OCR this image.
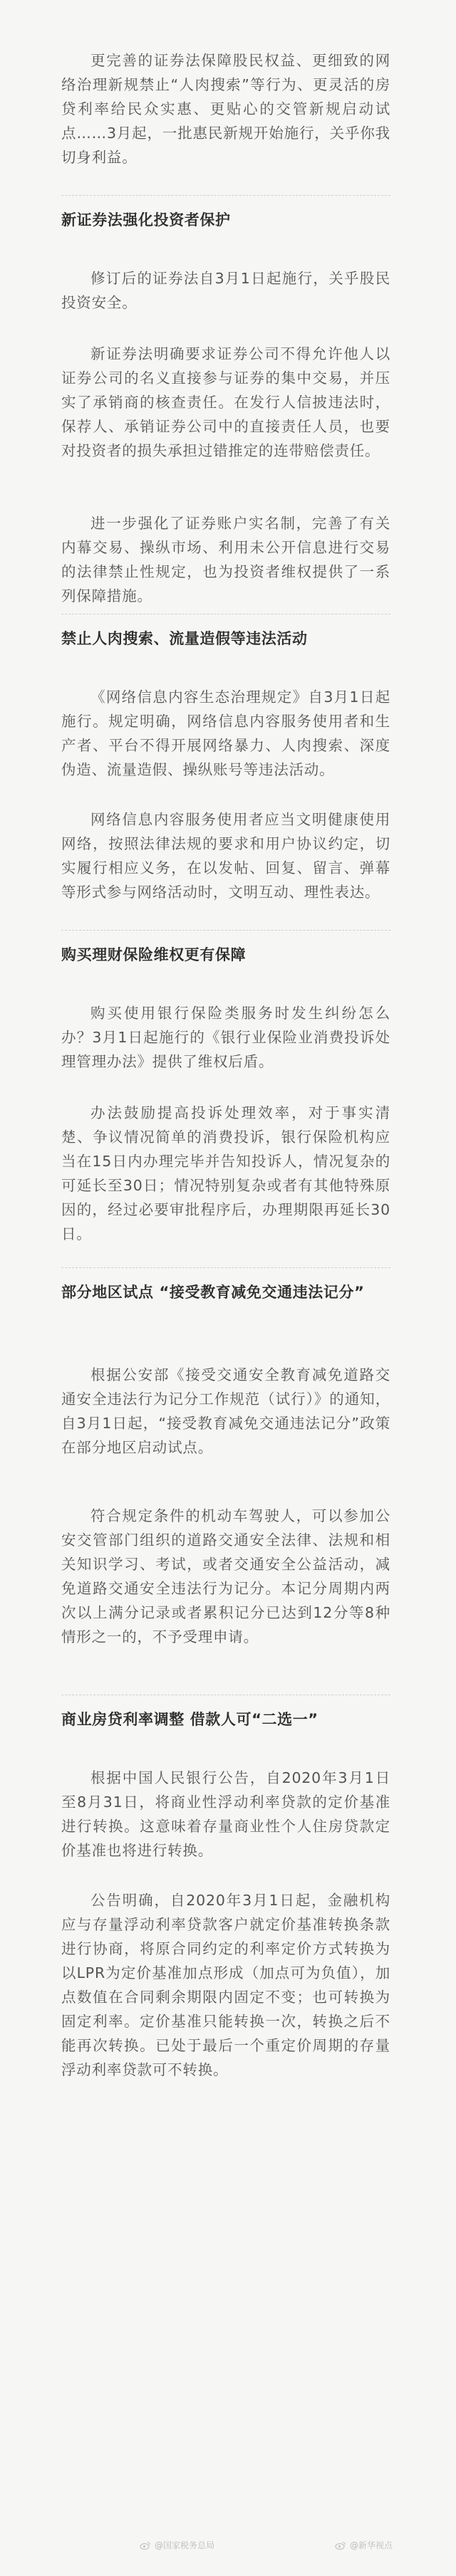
更完善的证券法保障股民权益、更细致的网络治理新规禁止“人肉搜索”等行为、更灵活的房贷利率给民众实惠、更贴心的交管新规启动试点……3月起，一批惠民新规开始施行，关乎你我切身利益。

新证券法强化投资者保护

修订后的证券法自3月1日起施行，关乎股民投资安全。

新证券法明确要求证券公司不得允许他人以证券公司的名义直接参与证券的集中交易，并压实了承销商的核查责任。在发行人信披违法时，保荐人、承销证券公司中的直接责任人员，也要对投资者的损失承担过错推定的连带赔偿责任。

进一步强化了证券账户实名制，完善了有关内幕交易、操纵市场、利用未公开信息进行交易的法律禁止性规定，也为投资者维权提供了一系列保障措施。

禁止人肉搜索、流量造假等违法活动

《网络信息内容生态治理规定》自3月1日起施行。规定明确，网络信息内容服务使用者和生产者、平台不得开展网络暴力、人肉搜索、深度伪造、流量造假、操纵账号等违法活动。

网络信息内容服务使用者应当文明健康使用网络，按照法律法规的要求和用户协议约定，切实履行相应义务，在以发帖、回复、留言、弹幕等形式参与网络活动时，文明互动、理性表达。

购买理财保险维权更有保障

购买使用银行保险类服务时发生纠纷怎么办？3月1日起施行的《银行业保险业消费投诉处理管理办法》提供了维权后盾。

办法鼓励提高投诉处理效率，对于事实清楚、争议情况简单的消费投诉，银行保险机构应当在15日内办理完毕并告知投诉人，情况复杂的可延长至30日；情况特别复杂或者有其他特殊原因的，经过必要审批程序后，办理期限再延长30日。

部分地区试点 “接受教育减免交通违法记分”

根据公安部《接受交通安全教育减免道路交通安全违法行为记分工作规范（试行）》的通知，自3月1日起，“接受教育减免交通违法记分”政策在部分地区启动试点。

符合规定条件的机动车驾驶人，可以参加公安交管部门组织的道路交通安全法律、法规和相关知识学习、考试，或者交通安全公益活动，减免道路交通安全违法行为记分。本记分周期内两次以上满分记录或者累积记分已达到12分等8种情形之一的，不予受理申请。

商业房贷利率调整 借款人可“二选一”

根据中国人民银行公告，自2020年3月1日至8月31日，将商业性浮动利率贷款的定价基准进行转换。这意味着存量商业性个人住房贷款定价基准也将进行转换。

公告明确，自2020年3月1日起，金融机构应与存量浮动利率贷款客户就定价基准转换条款进行协商，将原合同约定的利率定价方式转换为以LPR为定价基准加点形成（加点可为负值），加点数值在合同剩余期限内固定不变；也可转换为固定利率。定价基准只能转换一次，转换之后不能再次转换。已处于最后一个重定价周期的存量浮动利率贷款可不转换。

@国家税务总局	@新华视点
